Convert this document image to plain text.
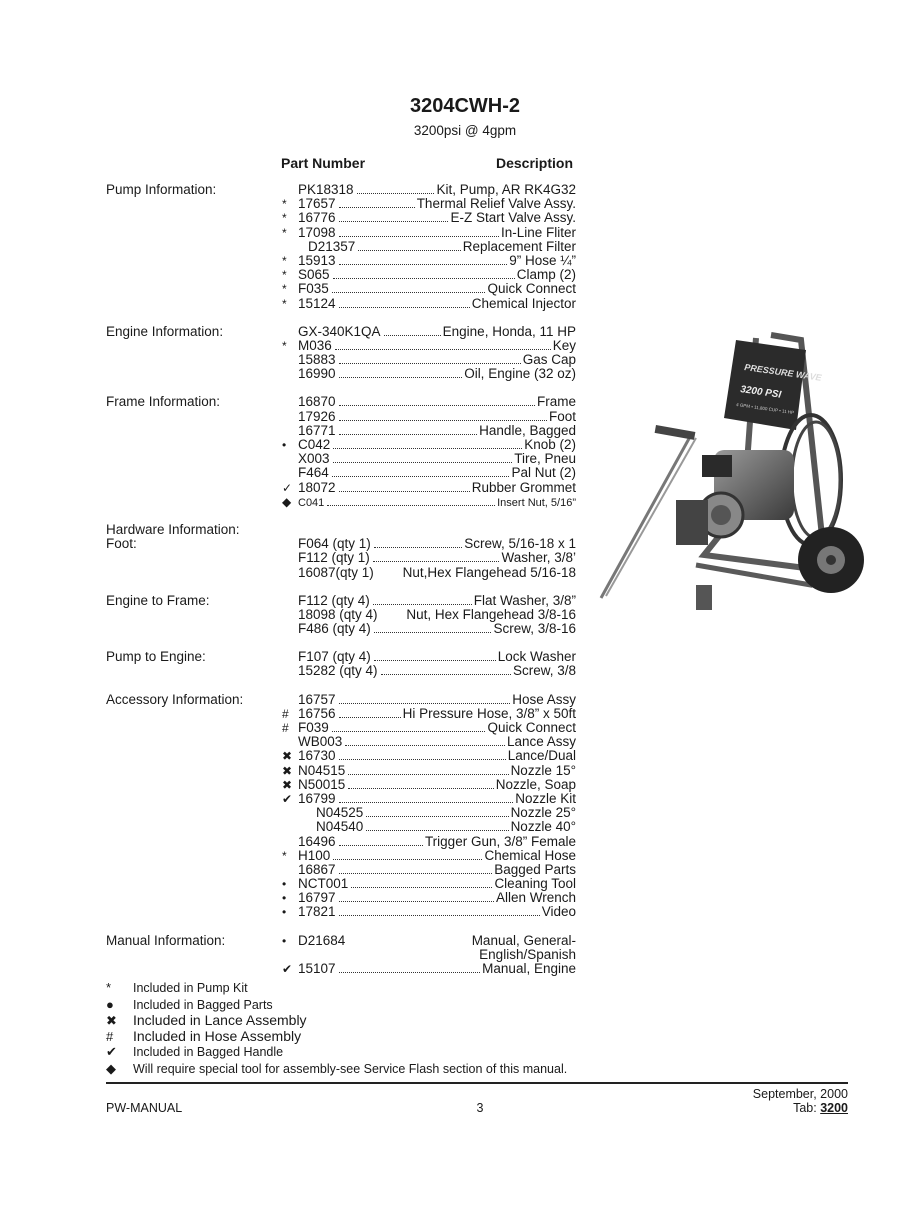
3204CWH-2
3200psi @ 4gpm
Part Number	Description
Pump Information:	PK18318	Kit, Pump, AR RK4G32
* 17657	Thermal Relief Valve Assy.
* 16776	E-Z Start Valve Assy.
* 17098	In-Line Fliter
D21357	Replacement Filter
* 15913	9” Hose ¼”
* S065	Clamp (2)
* F035	Quick Connect
* 15124	Chemical Injector
Engine Information:	GX-340K1QA	Engine, Honda, 11 HP
* M036	Key
15883	Gas Cap
16990	Oil, Engine (32 oz)
Frame Information:	16870	Frame
17926	Foot
16771	Handle, Bagged
• C042	Knob (2)
X003	Tire, Pneu
F464	Pal Nut (2)
✓ 18072	Rubber Grommet
◆ C041	Insert Nut, 5/16”
Hardware Information:
Foot:	F064 (qty 1)	Screw, 5/16-18 x 1
F112 (qty 1)	Washer, 3/8’
16087(qty 1) Nut,Hex Flangehead 5/16-18
Engine to Frame:	F112 (qty 4)	Flat Washer, 3/8”
18098 (qty 4) Nut, Hex Flangehead 3/8-16
F486 (qty 4)	Screw, 3/8-16
Pump to Engine:	F107 (qty 4)	Lock Washer
15282 (qty 4)	Screw, 3/8
Accessory Information:	16757	Hose Assy
# 16756	Hi Pressure Hose, 3/8” x 50ft
# F039	Quick Connect
WB003	Lance Assy
✖ 16730	Lance/Dual
✖ N04515	Nozzle 15°
✖ N50015	Nozzle, Soap
✔ 16799	Nozzle Kit
N04525	Nozzle 25°
N04540	Nozzle 40°
16496	Trigger Gun, 3/8” Female
* H100	Chemical Hose
16867	Bagged Parts
• NCT001	Cleaning Tool
• 16797	Allen Wrench
• 17821	Video
Manual Information:	• D21684	Manual, General-
English/Spanish
✔ 15107	Manual, Engine
*	Included in Pump Kit
●	Included in Bagged Parts
✖	Included in Lance Assembly
#	Included in Hose Assembly
✔	Included in Bagged Handle
◆	Will require special tool for assembly-see Service Flash section of this manual.
PW-MANUAL	3
September, 2000
Tab: 3200
PRESSURE WAVE
3200 PSI
4 GPM • 11,800 CUP • 11 HP
